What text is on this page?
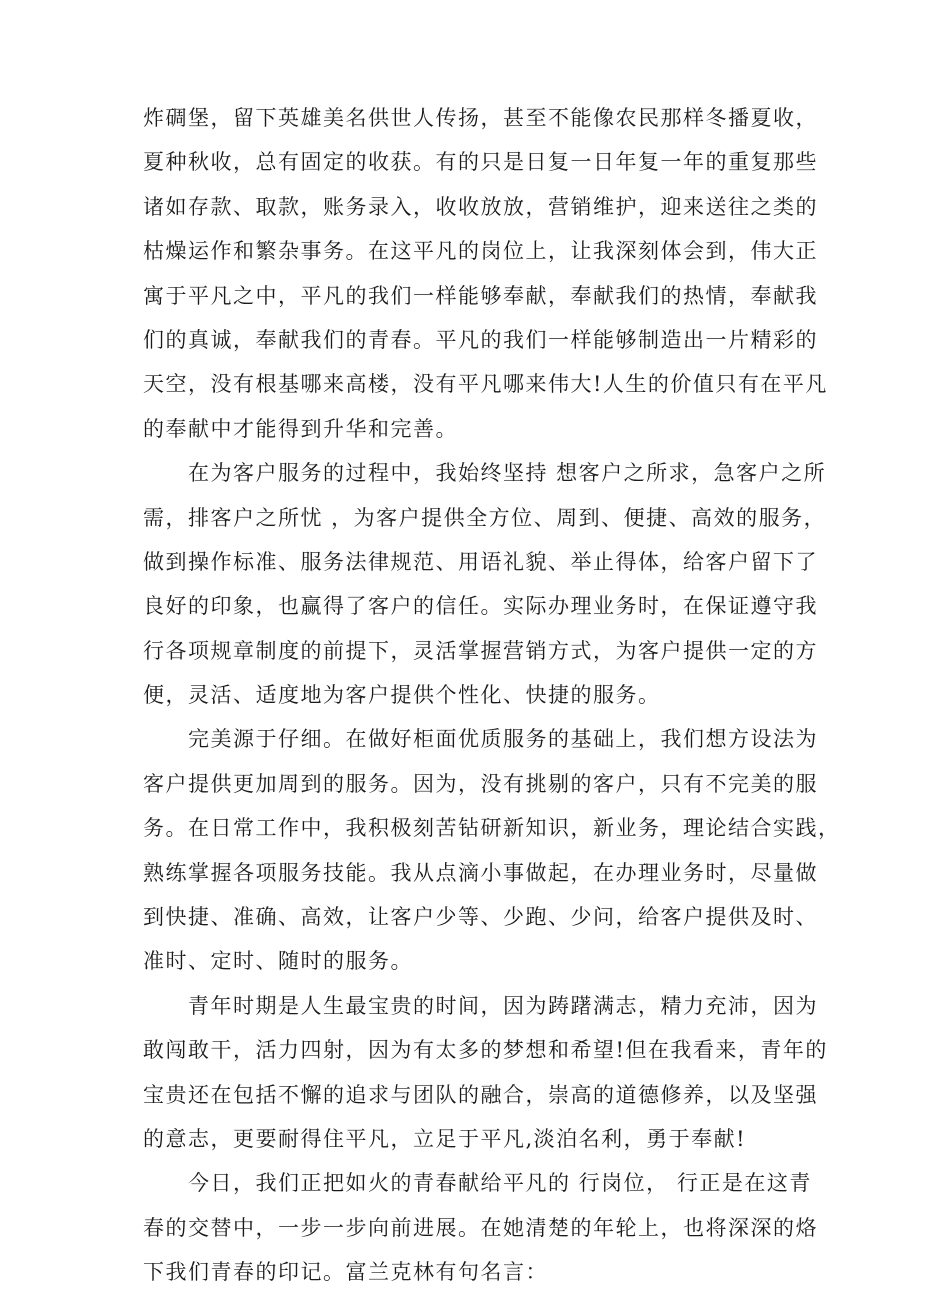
炸碉堡，留下英雄美名供世人传扬，甚至不能像农民那样冬播夏收，
夏种秋收，总有固定的收获。有的只是日复一日年复一年的重复那些
诸如存款、取款，账务录入，收收放放，营销维护，迎来送往之类的
枯燥运作和繁杂事务。在这平凡的岗位上，让我深刻体会到，伟大正
寓于平凡之中，平凡的我们一样能够奉献，奉献我们的热情，奉献我
们的真诚，奉献我们的青春。平凡的我们一样能够制造出一片精彩的
天空，没有根基哪来高楼，没有平凡哪来伟大!人生的价值只有在平凡
的奉献中才能得到升华和完善。
在为客户服务的过程中，我始终坚持 想客户之所求，急客户之所
需，排客户之所忧 ，为客户提供全方位、周到、便捷、高效的服务，
做到操作标准、服务法律规范、用语礼貌、举止得体，给客户留下了
良好的印象，也赢得了客户的信任。实际办理业务时，在保证遵守我
行各项规章制度的前提下，灵活掌握营销方式，为客户提供一定的方
便，灵活、适度地为客户提供个性化、快捷的服务。
完美源于仔细。在做好柜面优质服务的基础上，我们想方设法为
客户提供更加周到的服务。因为，没有挑剔的客户，只有不完美的服
务。在日常工作中，我积极刻苦钻研新知识，新业务，理论结合实践，
熟练掌握各项服务技能。我从点滴小事做起，在办理业务时，尽量做
到快捷、准确、高效，让客户少等、少跑、少问，给客户提供及时、
准时、定时、随时的服务。
青年时期是人生最宝贵的时间，因为踌躇满志，精力充沛，因为
敢闯敢干，活力四射，因为有太多的梦想和希望!但在我看来，青年的
宝贵还在包括不懈的追求与团队的融合，崇高的道德修养，以及坚强
的意志，更要耐得住平凡，立足于平凡,淡泊名利，勇于奉献!
今日，我们正把如火的青春献给平凡的 行岗位， 行正是在这青
春的交替中，一步一步向前进展。在她清楚的年轮上，也将深深的烙
下我们青春的印记。富兰克林有句名言：
